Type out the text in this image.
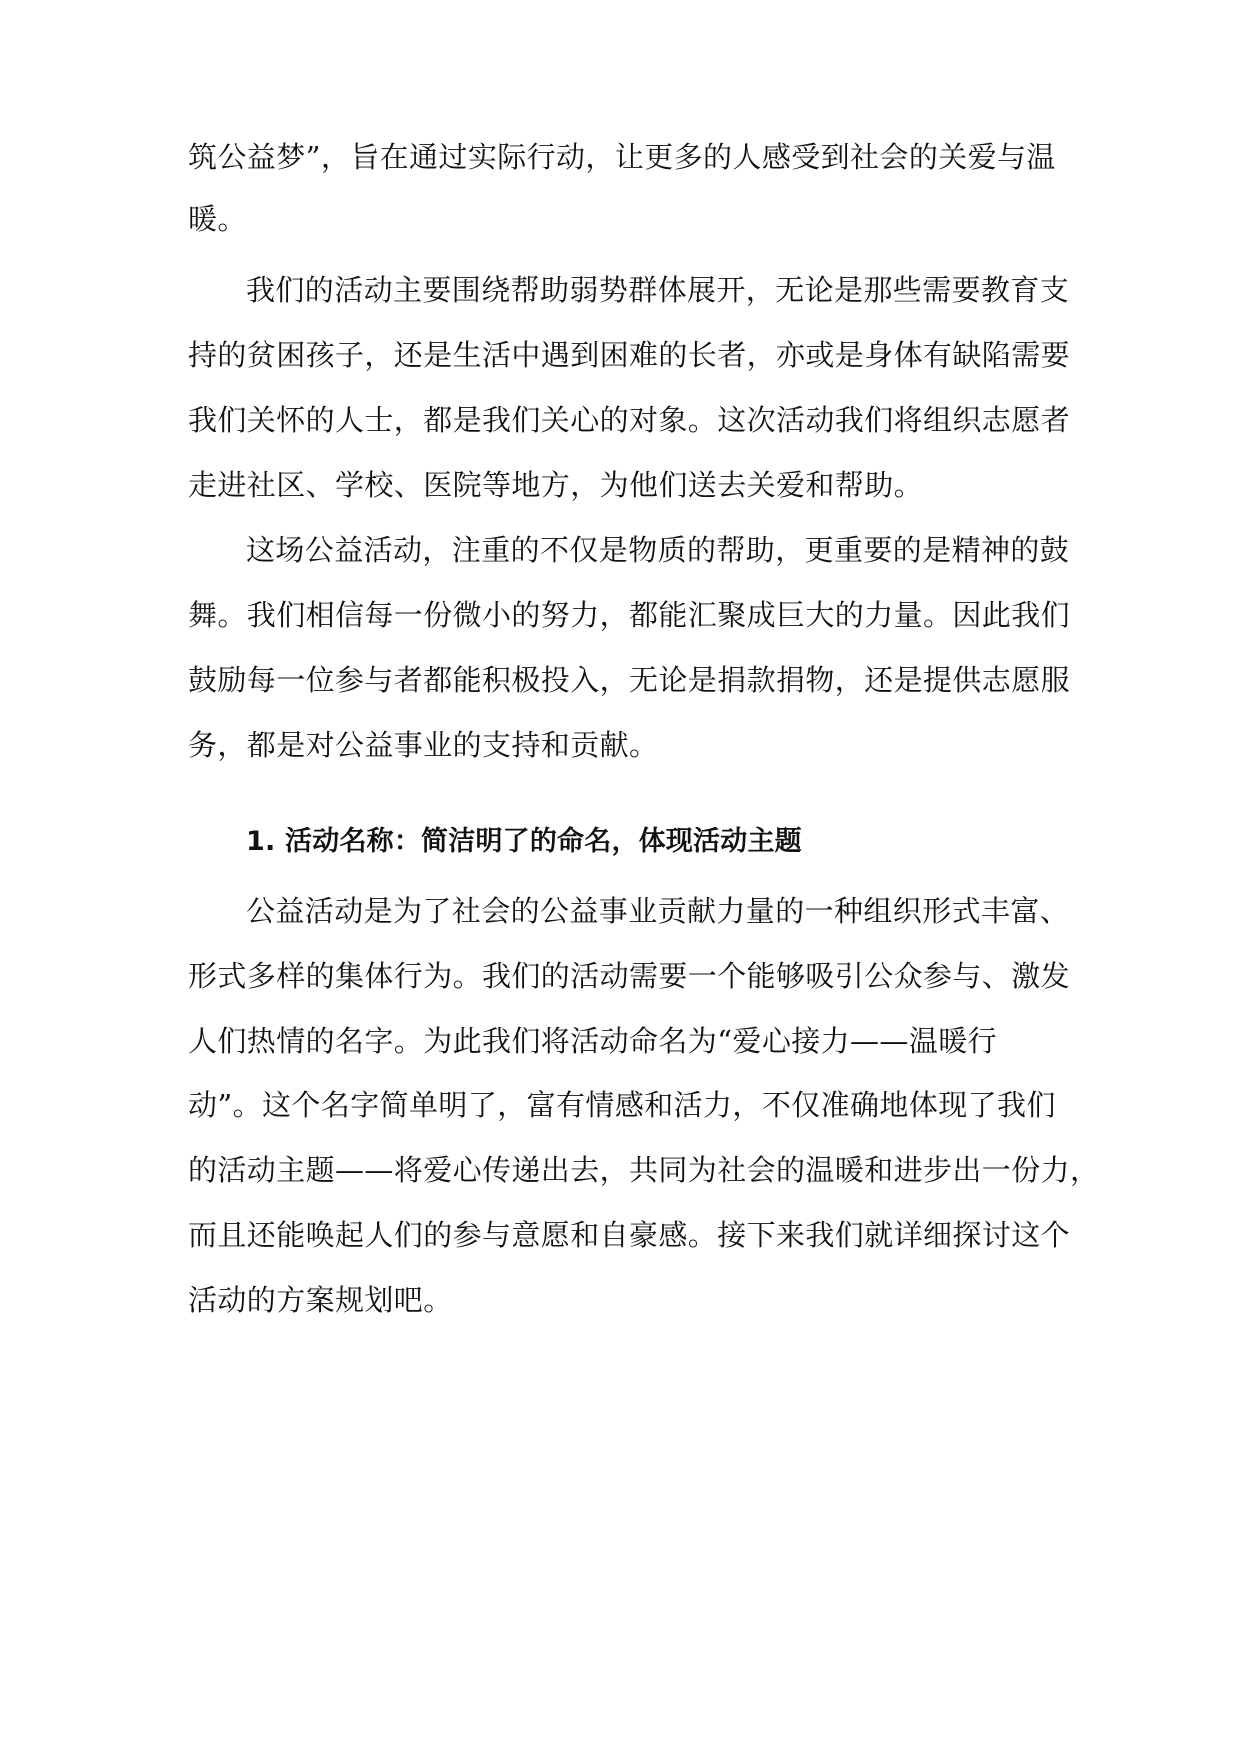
筑公益梦”，旨在通过实际行动，让更多的人感受到社会的关爱与温
暖。
我们的活动主要围绕帮助弱势群体展开，无论是那些需要教育支
持的贫困孩子，还是生活中遇到困难的长者，亦或是身体有缺陷需要
我们关怀的人士，都是我们关心的对象。这次活动我们将组织志愿者
走进社区、学校、医院等地方，为他们送去关爱和帮助。
这场公益活动，注重的不仅是物质的帮助，更重要的是精神的鼓
舞。我们相信每一份微小的努力，都能汇聚成巨大的力量。因此我们
鼓励每一位参与者都能积极投入，无论是捐款捐物，还是提供志愿服
务，都是对公益事业的支持和贡献。
1. 活动名称：简洁明了的命名，体现活动主题
公益活动是为了社会的公益事业贡献力量的一种组织形式丰富、
形式多样的集体行为。我们的活动需要一个能够吸引公众参与、激发
人们热情的名字。为此我们将活动命名为“爱心接力——温暖行
动”。这个名字简单明了，富有情感和活力，不仅准确地体现了我们
的活动主题——将爱心传递出去，共同为社会的温暖和进步出一份力，
而且还能唤起人们的参与意愿和自豪感。接下来我们就详细探讨这个
活动的方案规划吧。
